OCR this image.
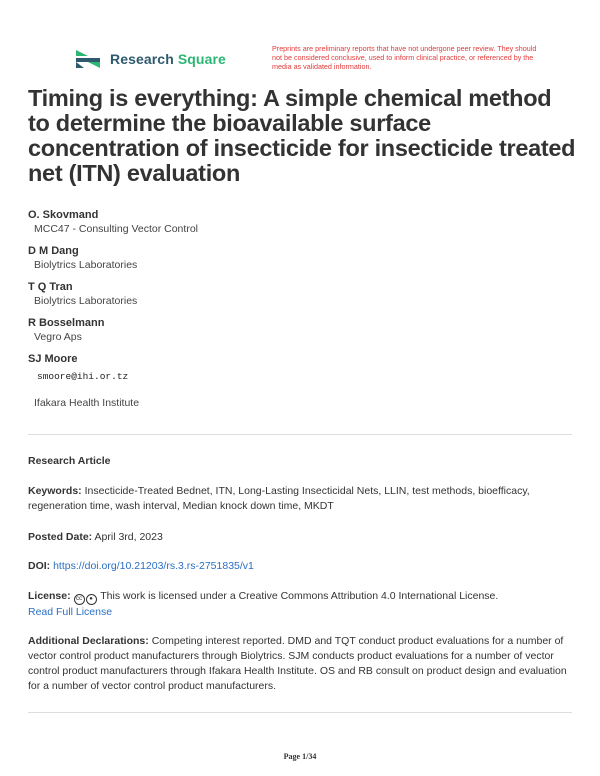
Research Square
Preprints are preliminary reports that have not undergone peer review. They should not be considered conclusive, used to inform clinical practice, or referenced by the media as validated information.
Timing is everything: A simple chemical method to determine the bioavailable surface concentration of insecticide for insecticide treated net (ITN) evaluation
O. Skovmand
MCC47 - Consulting Vector Control
D M Dang
Biolytrics Laboratories
T Q Tran
Biolytrics Laboratories
R Bosselmann
Vegro Aps
SJ Moore
smoore@ihi.or.tz
Ifakara Health Institute
Research Article
Keywords: Insecticide-Treated Bednet, ITN, Long-Lasting Insecticidal Nets, LLIN, test methods, bioefficacy, regeneration time, wash interval, Median knock down time, MKDT
Posted Date: April 3rd, 2023
DOI: https://doi.org/10.21203/rs.3.rs-2751835/v1
License: cc ● This work is licensed under a Creative Commons Attribution 4.0 International License.
Read Full License
Additional Declarations: Competing interest reported. DMD and TQT conduct product evaluations for a number of vector control product manufacturers through Biolytrics. SJM conducts product evaluations for a number of vector control product manufacturers through Ifakara Health Institute. OS and RB consult on product design and evaluation for a number of vector control product manufacturers.
Page 1/34
